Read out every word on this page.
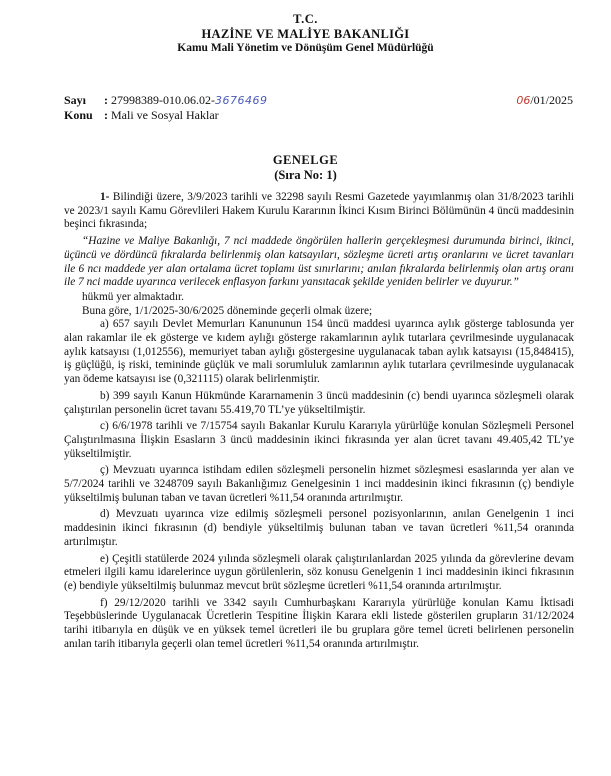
T.C.
HAZİNE VE MALİYE BAKANLIĞI
Kamu Mali Yönetim ve Dönüşüm Genel Müdürlüğü
Sayı : 27998389-010.06.02-3676469	06/01/2025
Konu : Mali ve Sosyal Haklar
GENELGE
(Sıra No: 1)

1- Bilindiği üzere, 3/9/2023 tarihli ve 32298 sayılı Resmi Gazetede yayımlanmış olan 31/8/2023 tarihli ve 2023/1 sayılı Kamu Görevlileri Hakem Kurulu Kararının İkinci Kısım Birinci Bölümünün 4 üncü maddesinin beşinci fıkrasında;

“Hazine ve Maliye Bakanlığı, 7 nci maddede öngörülen hallerin gerçekleşmesi durumunda birinci, ikinci, üçüncü ve dördüncü fıkralarda belirlenmiş olan katsayıları, sözleşme ücreti artış oranlarını ve ücret tavanları ile 6 ncı maddede yer alan ortalama ücret toplamı üst sınırlarını; anılan fıkralarda belirlenmiş olan artış oranı ile 7 nci madde uyarınca verilecek enflasyon farkını yansıtacak şekilde yeniden belirler ve duyurur.”

hükmü yer almaktadır.

Buna göre, 1/1/2025-30/6/2025 döneminde geçerli olmak üzere;

a) 657 sayılı Devlet Memurları Kanununun 154 üncü maddesi uyarınca aylık gösterge tablosunda yer alan rakamlar ile ek gösterge ve kıdem aylığı gösterge rakamlarının aylık tutarlara çevrilmesinde uygulanacak aylık katsayısı (1,012556), memuriyet taban aylığı göstergesine uygulanacak taban aylık katsayısı (15,848415), iş güçlüğü, iş riski, temininde güçlük ve mali sorumluluk zamlarının aylık tutarlara çevrilmesinde uygulanacak yan ödeme katsayısı ise (0,321115) olarak belirlenmiştir.

b) 399 sayılı Kanun Hükmünde Kararnamenin 3 üncü maddesinin (c) bendi uyarınca sözleşmeli olarak çalıştırılan personelin ücret tavanı 55.419,70 TL’ye yükseltilmiştir.

c) 6/6/1978 tarihli ve 7/15754 sayılı Bakanlar Kurulu Kararıyla yürürlüğe konulan Sözleşmeli Personel Çalıştırılmasına İlişkin Esasların 3 üncü maddesinin ikinci fıkrasında yer alan ücret tavanı 49.405,42 TL’ye yükseltilmiştir.

ç) Mevzuatı uyarınca istihdam edilen sözleşmeli personelin hizmet sözleşmesi esaslarında yer alan ve 5/7/2024 tarihli ve 3248709 sayılı Bakanlığımız Genelgesinin 1 inci maddesinin ikinci fıkrasının (ç) bendiyle yükseltilmiş bulunan taban ve tavan ücretleri %11,54 oranında artırılmıştır.

d) Mevzuatı uyarınca vize edilmiş sözleşmeli personel pozisyonlarının, anılan Genelgenin 1 inci maddesinin ikinci fıkrasının (d) bendiyle yükseltilmiş bulunan taban ve tavan ücretleri %11,54 oranında artırılmıştır.

e) Çeşitli statülerde 2024 yılında sözleşmeli olarak çalıştırılanlardan 2025 yılında da görevlerine devam etmeleri ilgili kamu idarelerince uygun görülenlerin, söz konusu Genelgenin 1 inci maddesinin ikinci fıkrasının (e) bendiyle yükseltilmiş bulunmaz mevcut brüt sözleşme ücretleri %11,54 oranında artırılmıştır.

f) 29/12/2020 tarihli ve 3342 sayılı Cumhurbaşkanı Kararıyla yürürlüğe konulan Kamu İktisadi Teşebbüslerinde Uygulanacak Ücretlerin Tespitine İlişkin Karara ekli listede gösterilen grupların 31/12/2024 tarihi itibarıyla en düşük ve en yüksek temel ücretleri ile bu gruplara göre temel ücreti belirlenen personelin anılan tarih itibarıyla geçerli olan temel ücretleri %11,54 oranında artırılmıştır.
